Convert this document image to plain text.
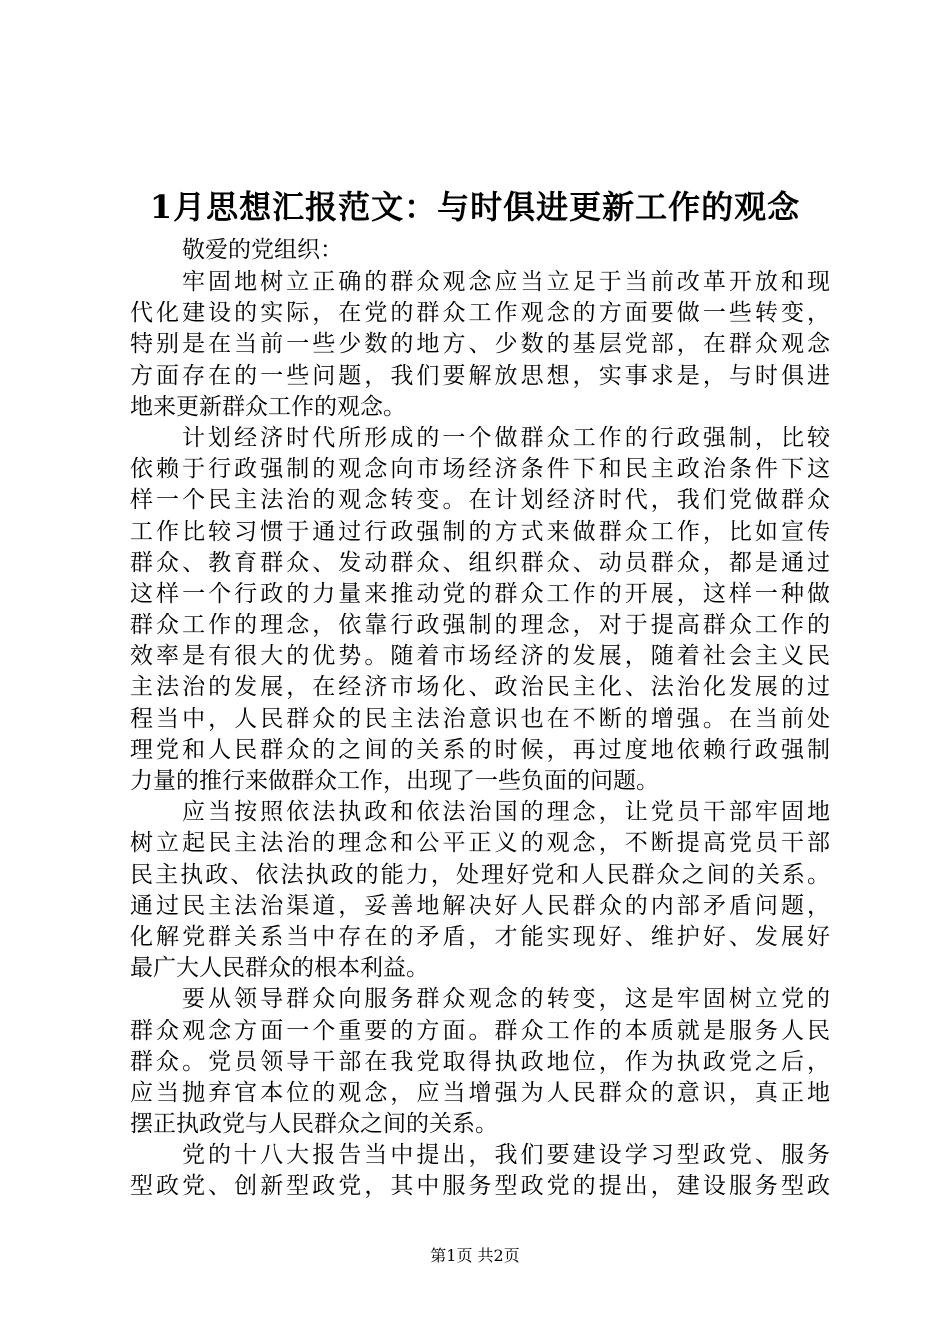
1月思想汇报范文：与时俱进更新工作的观念
敬爱的党组织：
牢固地树立正确的群众观念应当立足于当前改革开放和现
代化建设的实际，在党的群众工作观念的方面要做一些转变，
特别是在当前一些少数的地方、少数的基层党部，在群众观念
方面存在的一些问题，我们要解放思想，实事求是，与时俱进
地来更新群众工作的观念。
计划经济时代所形成的一个做群众工作的行政强制，比较
依赖于行政强制的观念向市场经济条件下和民主政治条件下这
样一个民主法治的观念转变。在计划经济时代，我们党做群众
工作比较习惯于通过行政强制的方式来做群众工作，比如宣传
群众、教育群众、发动群众、组织群众、动员群众，都是通过
这样一个行政的力量来推动党的群众工作的开展，这样一种做
群众工作的理念，依靠行政强制的理念，对于提高群众工作的
效率是有很大的优势。随着市场经济的发展，随着社会主义民
主法治的发展，在经济市场化、政治民主化、法治化发展的过
程当中，人民群众的民主法治意识也在不断的增强。在当前处
理党和人民群众的之间的关系的时候，再过度地依赖行政强制
力量的推行来做群众工作，出现了一些负面的问题。
应当按照依法执政和依法治国的理念，让党员干部牢固地
树立起民主法治的理念和公平正义的观念，不断提高党员干部
民主执政、依法执政的能力，处理好党和人民群众之间的关系。
通过民主法治渠道，妥善地解决好人民群众的内部矛盾问题，
化解党群关系当中存在的矛盾，才能实现好、维护好、发展好
最广大人民群众的根本利益。
要从领导群众向服务群众观念的转变，这是牢固树立党的
群众观念方面一个重要的方面。群众工作的本质就是服务人民
群众。党员领导干部在我党取得执政地位，作为执政党之后，
应当抛弃官本位的观念，应当增强为人民群众的意识，真正地
摆正执政党与人民群众之间的关系。
党的十八大报告当中提出，我们要建设学习型政党、服务
型政党、创新型政党，其中服务型政党的提出，建设服务型政
第1页 共2页
